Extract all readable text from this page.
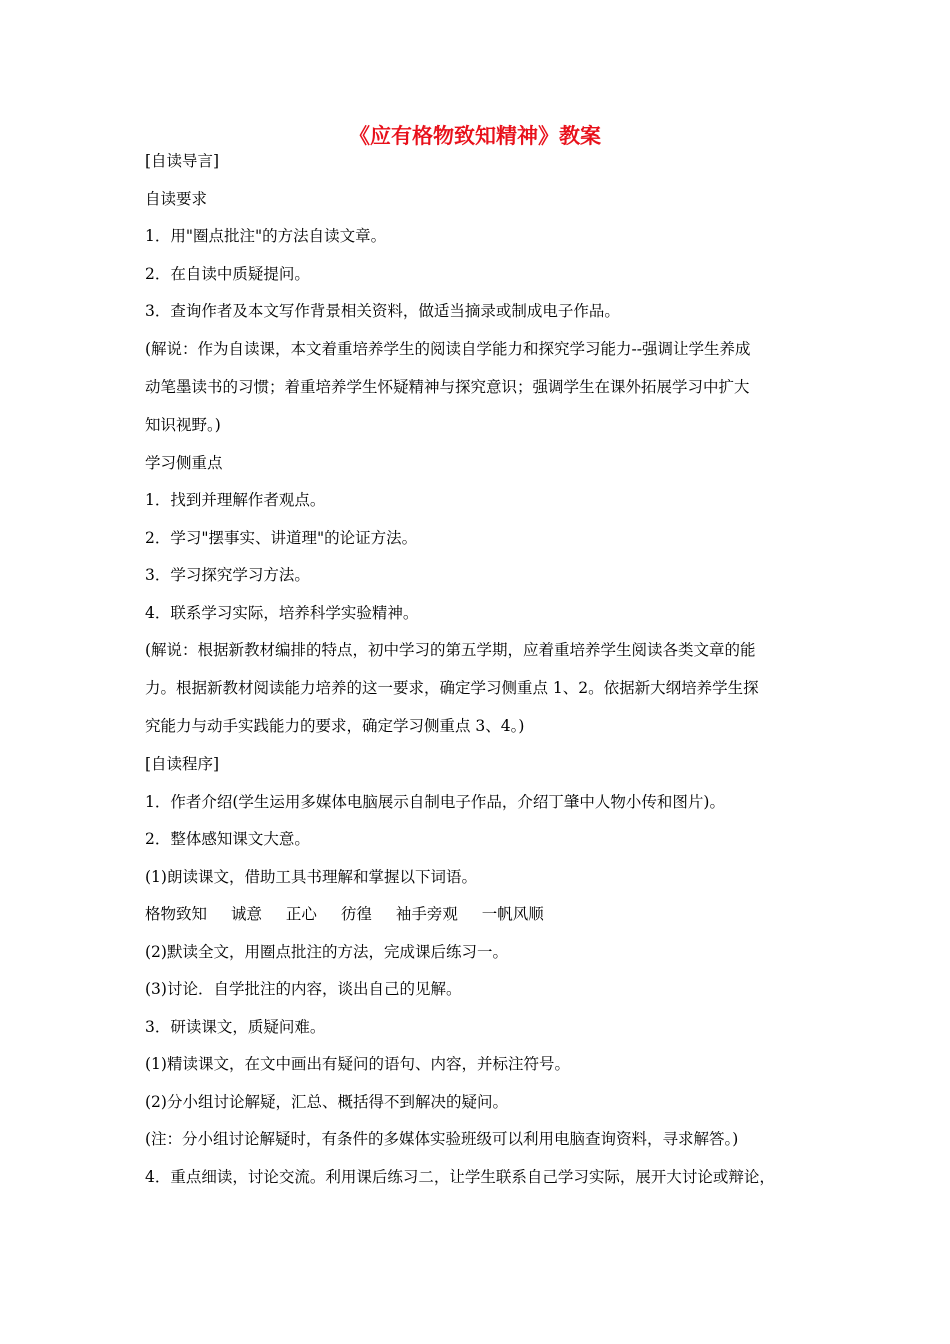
《应有格物致知精神》教案
[自读导言]
自读要求
1．用"圈点批注"的方法自读文章。
2．在自读中质疑提问。
3．查询作者及本文写作背景相关资料，做适当摘录或制成电子作品。
(解说：作为自读课，本文着重培养学生的阅读自学能力和探究学习能力--强调让学生养成
动笔墨读书的习惯；着重培养学生怀疑精神与探究意识；强调学生在课外拓展学习中扩大
知识视野。)
学习侧重点
1．找到并理解作者观点。
2．学习"摆事实、讲道理"的论证方法。
3．学习探究学习方法。
4．联系学习实际，培养科学实验精神。
(解说：根据新教材编排的特点，初中学习的第五学期，应着重培养学生阅读各类文章的能
力。根据新教材阅读能力培养的这一要求，确定学习侧重点 1、2。依据新大纲培养学生探
究能力与动手实践能力的要求，确定学习侧重点 3、4。)
[自读程序]
1．作者介绍(学生运用多媒体电脑展示自制电子作品，介绍丁肇中人物小传和图片)。
2．整体感知课文大意。
(1)朗读课文，借助工具书理解和掌握以下词语。
格物致知 诚意 正心 彷徨 袖手旁观 一帆风顺
(2)默读全文，用圈点批注的方法，完成课后练习一。
(3)讨论．自学批注的内容，谈出自己的见解。
3．研读课文，质疑问难。
(1)精读课文，在文中画出有疑问的语句、内容，并标注符号。
(2)分小组讨论解疑，汇总、概括得不到解决的疑问。
(注：分小组讨论解疑时，有条件的多媒体实验班级可以利用电脑查询资料，寻求解答。)
4．重点细读，讨论交流。利用课后练习二，让学生联系自己学习实际，展开大讨论或辩论，
